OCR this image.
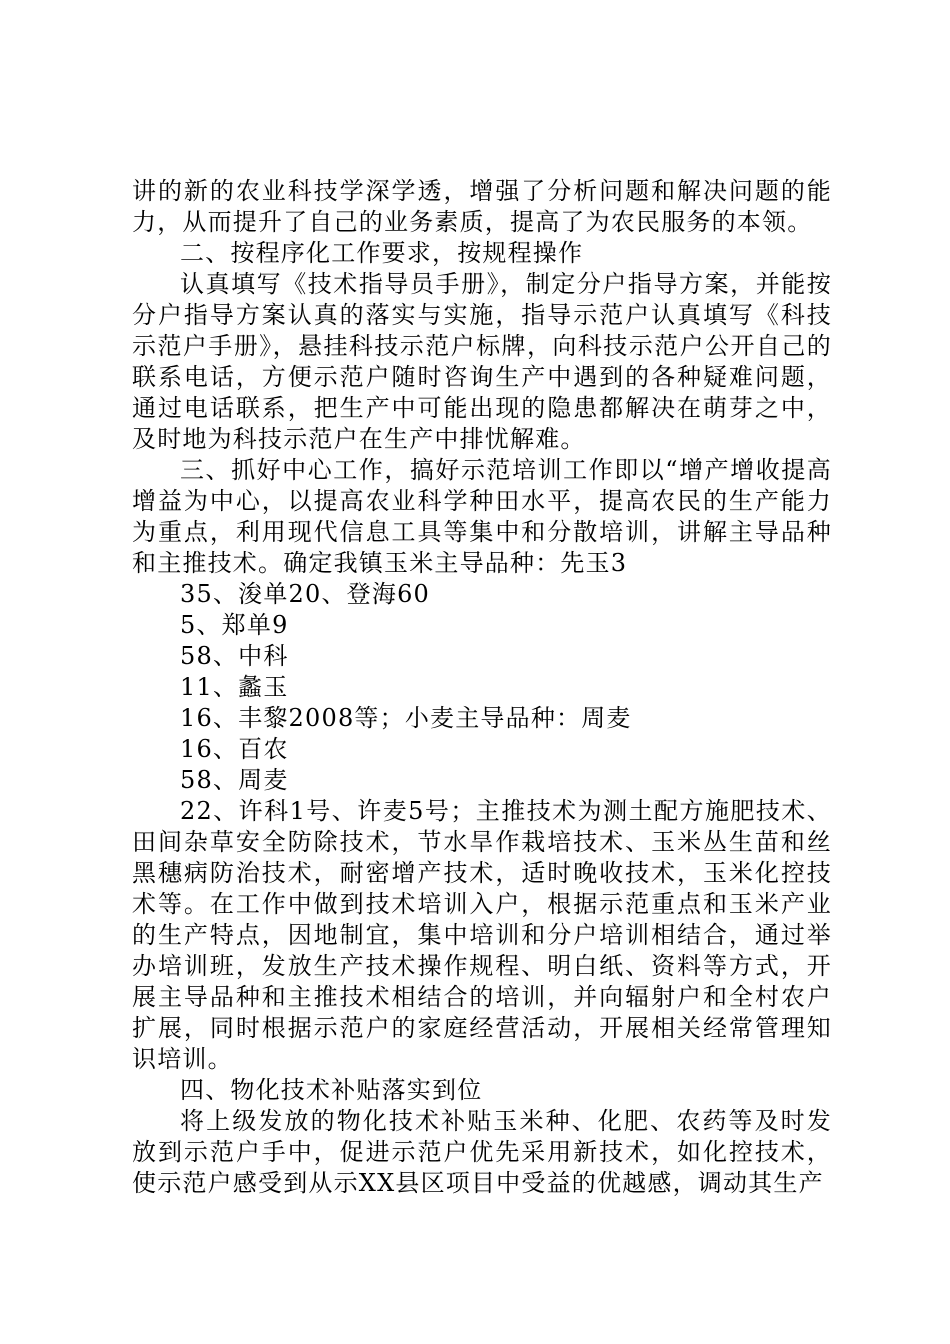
讲的新的农业科技学深学透，增强了分析问题和解决问题的能力，从而提升了自己的业务素质，提高了为农民服务的本领。

二、按程序化工作要求，按规程操作

认真填写《技术指导员手册》，制定分户指导方案，并能按分户指导方案认真的落实与实施，指导示范户认真填写《科技示范户手册》，悬挂科技示范户标牌，向科技示范户公开自己的联系电话，方便示范户随时咨询生产中遇到的各种疑难问题，通过电话联系，把生产中可能出现的隐患都解决在萌芽之中，及时地为科技示范户在生产中排忧解难。

三、抓好中心工作，搞好示范培训工作即以“增产增收提高增益为中心，以提高农业科学种田水平，提高农民的生产能力为重点，利用现代信息工具等集中和分散培训，讲解主导品种和主推技术。确定我镇玉米主导品种：先玉3

35、浚单20、登海60

5、郑单9

58、中科

11、蠡玉

16、丰黎2008等；小麦主导品种：周麦

16、百农

58、周麦

22、许科1号、许麦5号；主推技术为测土配方施肥技术、田间杂草安全防除技术，节水旱作栽培技术、玉米丛生苗和丝黑穗病防治技术，耐密增产技术，适时晚收技术，玉米化控技术等。在工作中做到技术培训入户，根据示范重点和玉米产业的生产特点，因地制宜，集中培训和分户培训相结合，通过举办培训班，发放生产技术操作规程、明白纸、资料等方式，开展主导品种和主推技术相结合的培训，并向辐射户和全村农户扩展，同时根据示范户的家庭经营活动，开展相关经常管理知识培训。

四、物化技术补贴落实到位

将上级发放的物化技术补贴玉米种、化肥、农药等及时发放到示范户手中，促进示范户优先采用新技术，如化控技术，使示范户感受到从示XX县区项目中受益的优越感，调动其生产
